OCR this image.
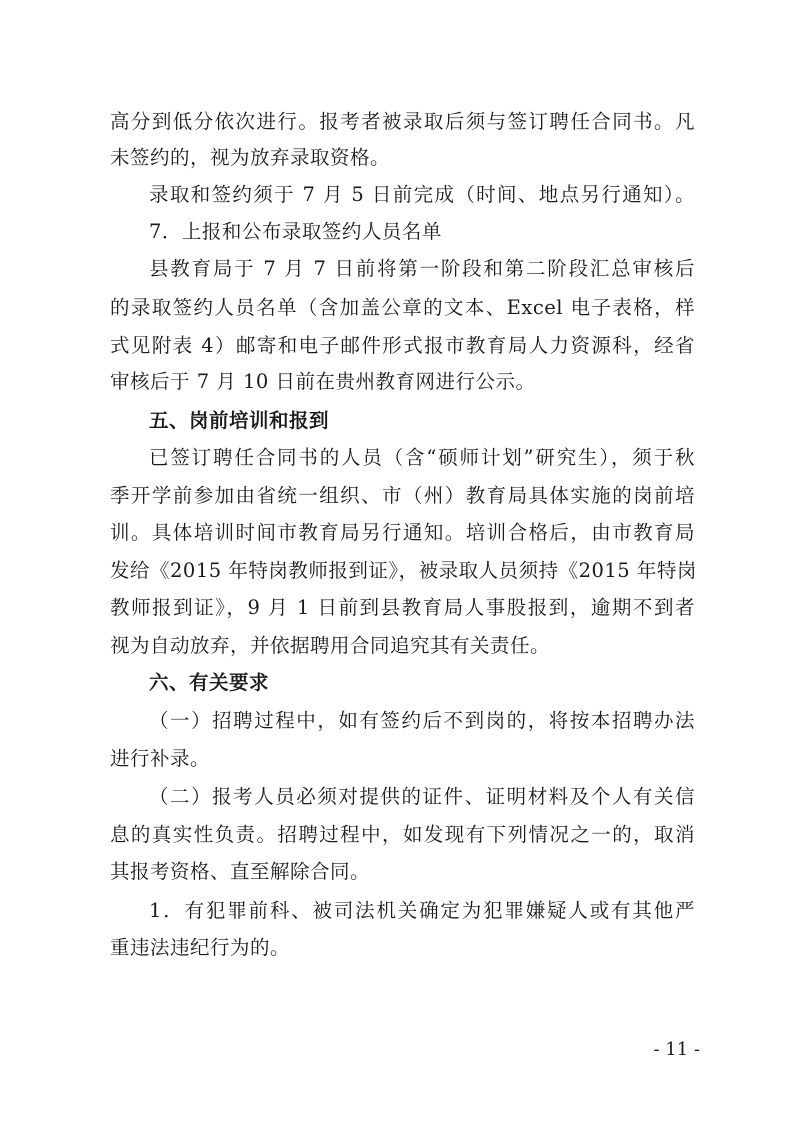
高分到低分依次进行。报考者被录取后须与签订聘任合同书。凡
未签约的，视为放弃录取资格。
录取和签约须于 7 月 5 日前完成（时间、地点另行通知）。
7．上报和公布录取签约人员名单
县教育局于 7 月 7 日前将第一阶段和第二阶段汇总审核后
的录取签约人员名单（含加盖公章的文本、Excel 电子表格，样
式见附表 4）邮寄和电子邮件形式报市教育局人力资源科，经省
审核后于 7 月 10 日前在贵州教育网进行公示。
五、岗前培训和报到
已签订聘任合同书的人员（含“硕师计划”研究生），须于秋
季开学前参加由省统一组织、市（州）教育局具体实施的岗前培
训。具体培训时间市教育局另行通知。培训合格后，由市教育局
发给《2015 年特岗教师报到证》，被录取人员须持《2015 年特岗
教师报到证》，9 月 1 日前到县教育局人事股报到，逾期不到者
视为自动放弃，并依据聘用合同追究其有关责任。
六、有关要求
（一）招聘过程中，如有签约后不到岗的，将按本招聘办法
进行补录。
（二）报考人员必须对提供的证件、证明材料及个人有关信
息的真实性负责。招聘过程中，如发现有下列情况之一的，取消
其报考资格、直至解除合同。
1．有犯罪前科、被司法机关确定为犯罪嫌疑人或有其他严
重违法违纪行为的。
- 11 -
